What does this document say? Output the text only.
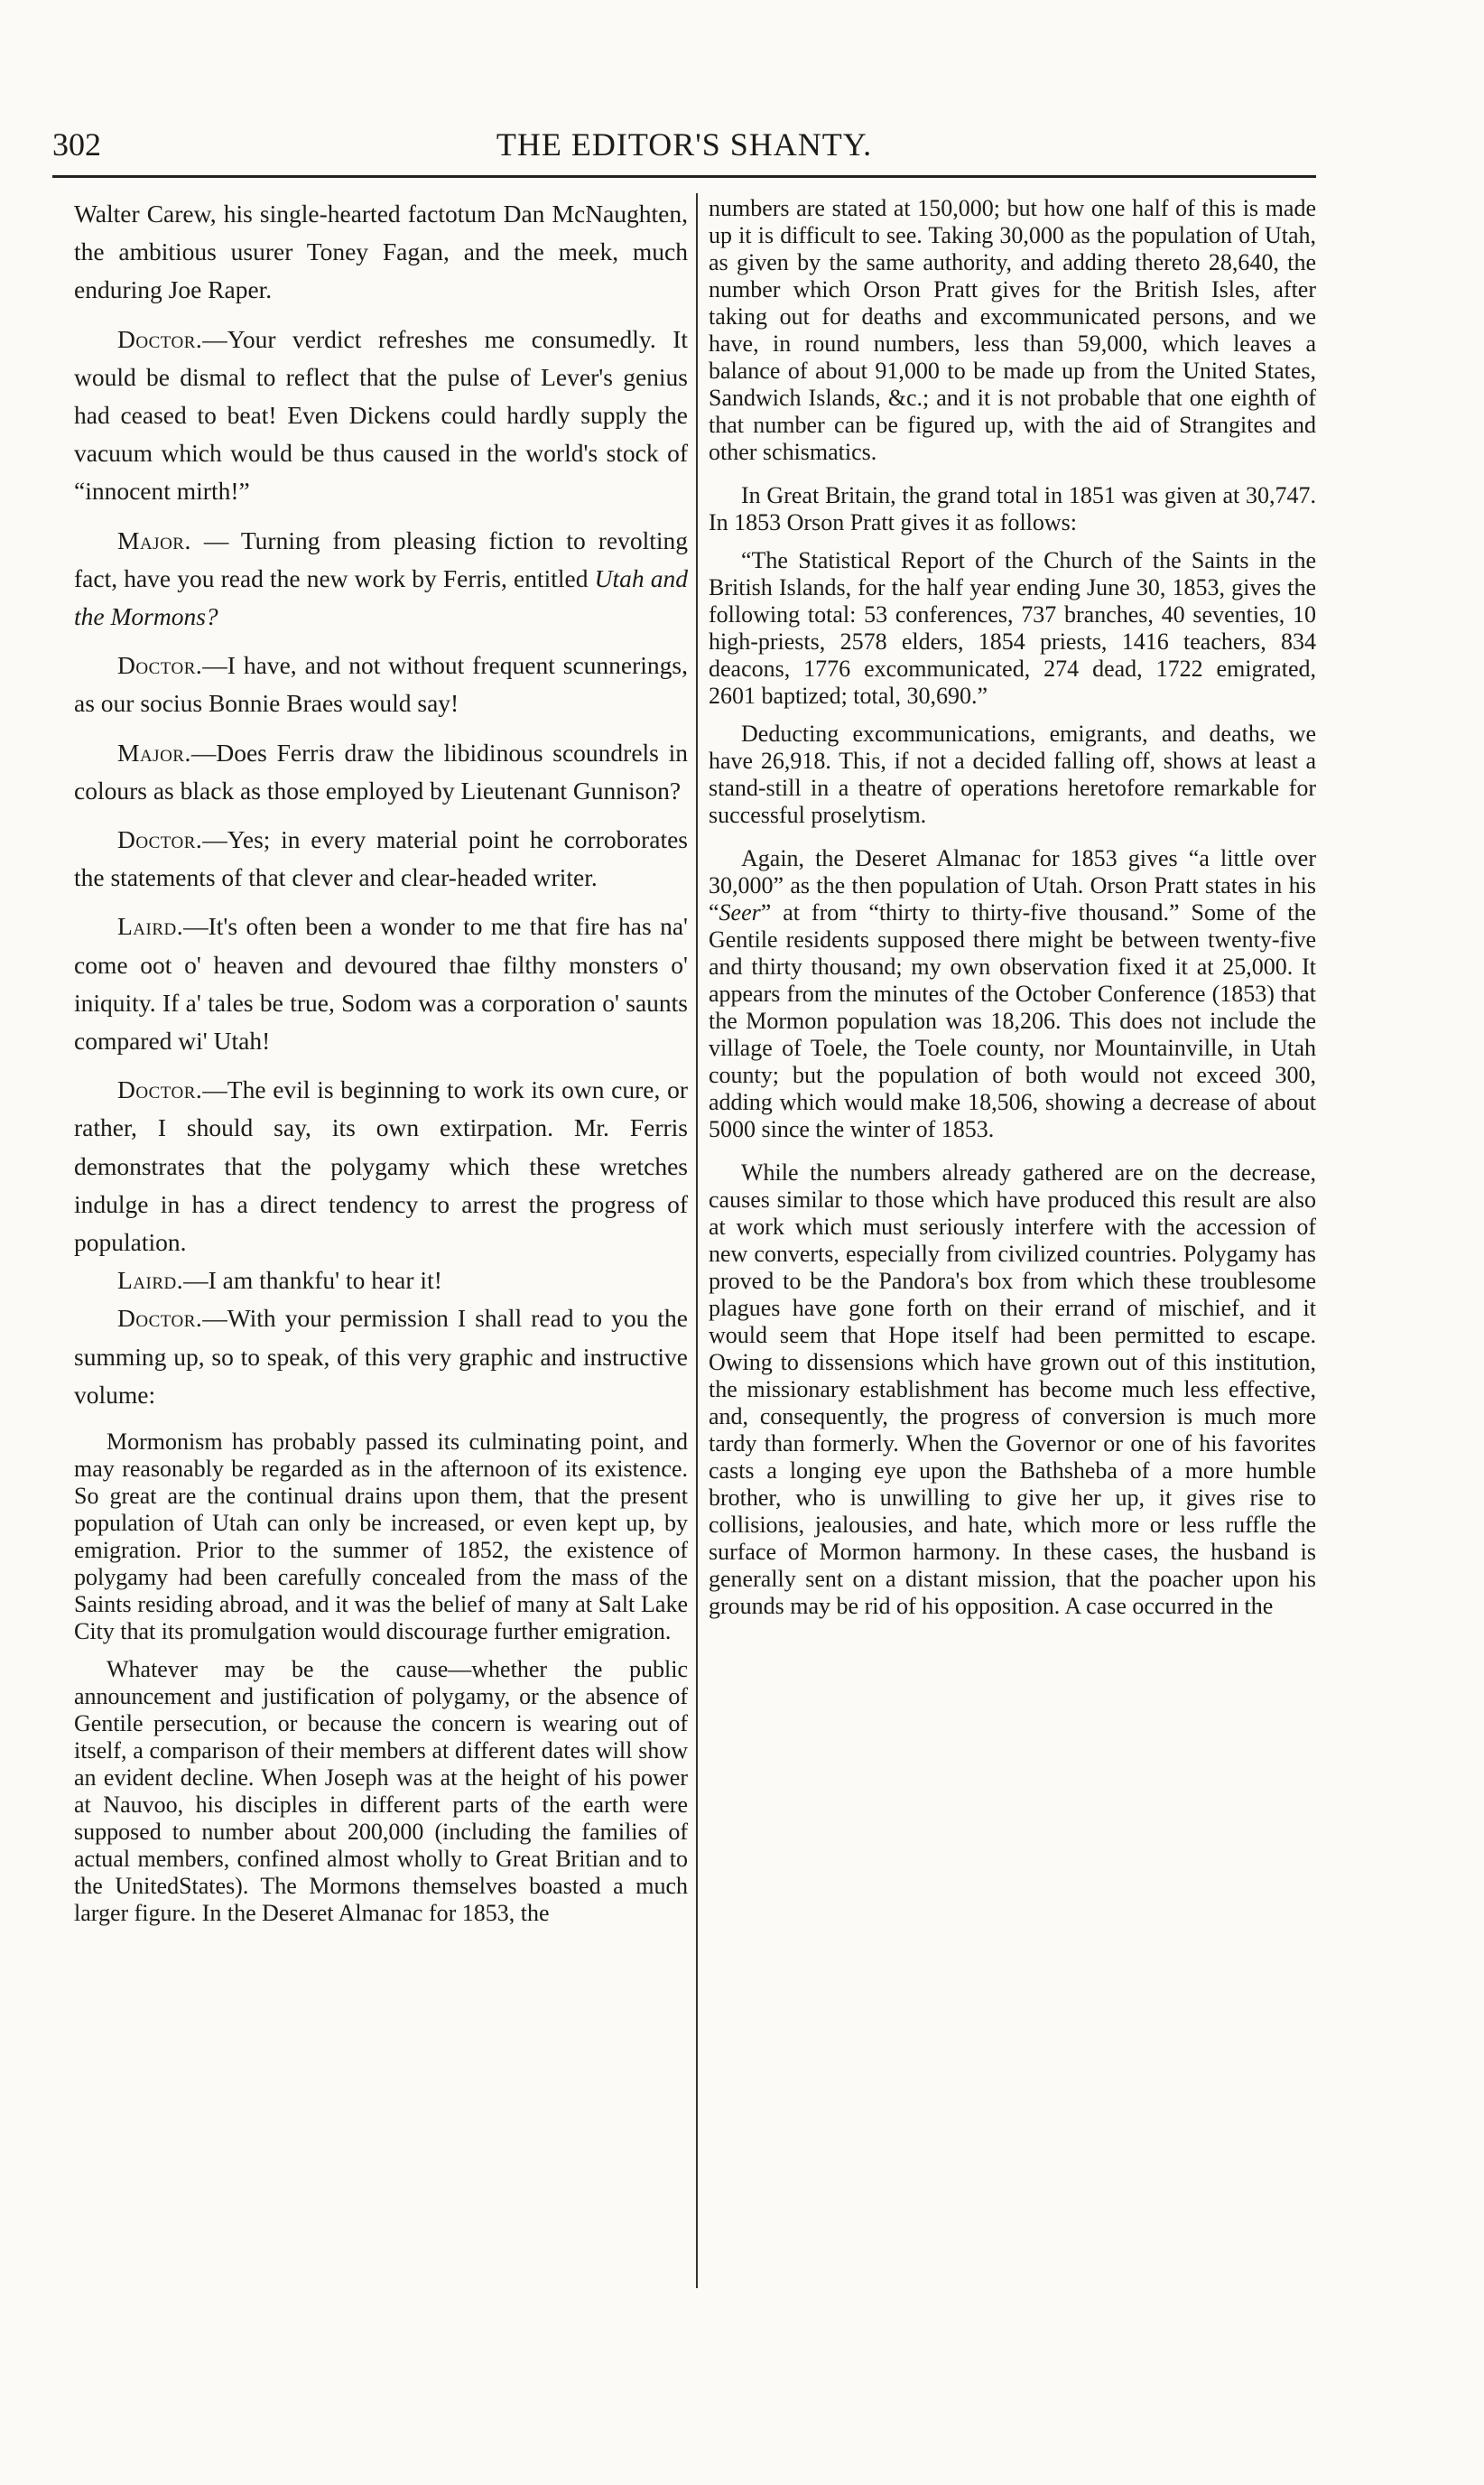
302	THE EDITOR'S SHANTY.

Walter Carew, his single-hearted factotum Dan McNaughten, the ambitious usurer Toney Fagan, and the meek, much enduring Joe Raper.

Doctor.—Your verdict refreshes me consumedly. It would be dismal to reflect that the pulse of Lever's genius had ceased to beat! Even Dickens could hardly supply the vacuum which would be thus caused in the world's stock of “innocent mirth!”

Major. — Turning from pleasing fiction to revolting fact, have you read the new work by Ferris, entitled Utah and the Mormons?

Doctor.—I have, and not without frequent scunnerings, as our socius Bonnie Braes would say!

Major.—Does Ferris draw the libidinous scoundrels in colours as black as those employed by Lieutenant Gunnison?

Doctor.—Yes; in every material point he corroborates the statements of that clever and clear-headed writer.

Laird.—It's often been a wonder to me that fire has na' come oot o' heaven and devoured thae filthy monsters o' iniquity. If a' tales be true, Sodom was a corporation o' saunts compared wi' Utah!

Doctor.—The evil is beginning to work its own cure, or rather, I should say, its own extirpation. Mr. Ferris demonstrates that the polygamy which these wretches indulge in has a direct tendency to arrest the progress of population.

Laird.—I am thankfu' to hear it!

Doctor.—With your permission I shall read to you the summing up, so to speak, of this very graphic and instructive volume:

Mormonism has probably passed its culminating point, and may reasonably be regarded as in the afternoon of its existence. So great are the continual drains upon them, that the present population of Utah can only be increased, or even kept up, by emigration. Prior to the summer of 1852, the existence of polygamy had been carefully concealed from the mass of the Saints residing abroad, and it was the belief of many at Salt Lake City that its promulgation would discourage further emigration.

Whatever may be the cause—whether the public announcement and justification of polygamy, or the absence of Gentile persecution, or because the concern is wearing out of itself, a comparison of their members at different dates will show an evident decline. When Joseph was at the height of his power at Nauvoo, his disciples in different parts of the earth were supposed to number about 200,000 (including the families of actual members, confined almost wholly to Great Britian and to the UnitedStates). The Mormons themselves boasted a much larger figure. In the Deseret Almanac for 1853, the

numbers are stated at 150,000; but how one half of this is made up it is difficult to see. Taking 30,000 as the population of Utah, as given by the same authority, and adding thereto 28,640, the number which Orson Pratt gives for the British Isles, after taking out for deaths and excommunicated persons, and we have, in round numbers, less than 59,000, which leaves a balance of about 91,000 to be made up from the United States, Sandwich Islands, &c.; and it is not probable that one eighth of that number can be figured up, with the aid of Strangites and other schismatics.

In Great Britain, the grand total in 1851 was given at 30,747. In 1853 Orson Pratt gives it as follows:

“The Statistical Report of the Church of the Saints in the British Islands, for the half year ending June 30, 1853, gives the following total: 53 conferences, 737 branches, 40 seventies, 10 high-priests, 2578 elders, 1854 priests, 1416 teachers, 834 deacons, 1776 excommunicated, 274 dead, 1722 emigrated, 2601 baptized; total, 30,690.”

Deducting excommunications, emigrants, and deaths, we have 26,918. This, if not a decided falling off, shows at least a stand-still in a theatre of operations heretofore remarkable for successful proselytism.

Again, the Deseret Almanac for 1853 gives “a little over 30,000” as the then population of Utah. Orson Pratt states in his “Seer” at from “thirty to thirty-five thousand.” Some of the Gentile residents supposed there might be between twenty-five and thirty thousand; my own observation fixed it at 25,000. It appears from the minutes of the October Conference (1853) that the Mormon population was 18,206. This does not include the village of Toele, the Toele county, nor Mountainville, in Utah county; but the population of both would not exceed 300, adding which would make 18,506, showing a decrease of about 5000 since the winter of 1853.

While the numbers already gathered are on the decrease, causes similar to those which have produced this result are also at work which must seriously interfere with the accession of new converts, especially from civilized countries. Polygamy has proved to be the Pandora's box from which these troublesome plagues have gone forth on their errand of mischief, and it would seem that Hope itself had been permitted to escape. Owing to dissensions which have grown out of this institution, the missionary establishment has become much less effective, and, consequently, the progress of conversion is much more tardy than formerly. When the Governor or one of his favorites casts a longing eye upon the Bathsheba of a more humble brother, who is unwilling to give her up, it gives rise to collisions, jealousies, and hate, which more or less ruffle the surface of Mormon harmony. In these cases, the husband is generally sent on a distant mission, that the poacher upon his grounds may be rid of his opposition. A case occurred in the
